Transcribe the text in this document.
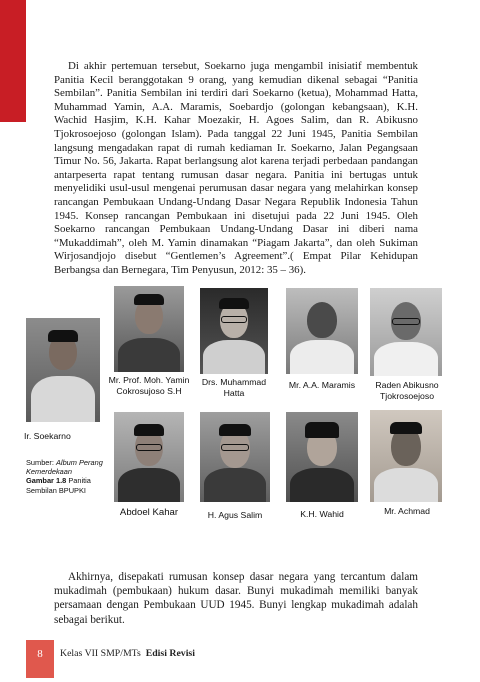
Di akhir pertemuan tersebut, Soekarno juga mengambil inisiatif membentuk Panitia Kecil beranggotakan 9 orang, yang kemudian dikenal sebagai “Panitia Sembilan”. Panitia Sembilan ini terdiri dari Soekarno (ketua), Mohammad Hatta, Muhammad Yamin, A.A. Maramis, Soebardjo (golongan kebangsaan), K.H. Wachid Hasjim, K.H. Kahar Moezakir, H. Agoes Salim, dan R. Abikusno Tjokrosoejoso (golongan Islam). Pada tanggal 22 Juni 1945, Panitia Sembilan langsung mengadakan rapat di rumah kediaman Ir. Soekarno, Jalan Pegangsaan Timur No. 56, Jakarta. Rapat berlangsung alot karena terjadi perbedaan pandangan antarpeserta rapat tentang rumusan dasar negara. Panitia ini bertugas untuk menyelidiki usul-usul mengenai perumusan dasar negara yang melahirkan konsep rancangan Pembukaan Undang-Undang Dasar Negara Republik Indonesia Tahun 1945. Konsep rancangan Pembukaan ini disetujui pada 22 Juni 1945. Oleh Soekarno rancangan Pembukaan Undang-Undang Dasar ini diberi nama “Mukaddimah”, oleh M. Yamin dinamakan “Piagam Jakarta”, dan oleh Sukiman Wirjosandjojo disebut “Gentlemen’s Agreement”.( Empat Pilar Kehidupan Berbangsa dan Bernegara, Tim Penyusun, 2012: 35 – 36).

Ir. Soekarno
Mr. Prof. Moh. Yamin Cokrosujoso S.H
Drs. Muhammad Hatta
Mr. A.A. Maramis	Raden Abikusno Tjokrosoejoso
Abdoel Kahar	H. Agus Salim	K.H. Wahid	Mr. Achmad
Sumber: Album Perang Kemerdekaan
Gambar 1.8 Panitia Sembilan BPUPKI

Akhirnya, disepakati rumusan konsep dasar negara yang tercantum dalam mukadimah (pembukaan) hukum dasar. Bunyi mukadimah memiliki banyak persamaan dengan Pembukaan UUD 1945. Bunyi lengkap mukadimah adalah sebagai berikut.

8	Kelas VII SMP/MTs Edisi Revisi
